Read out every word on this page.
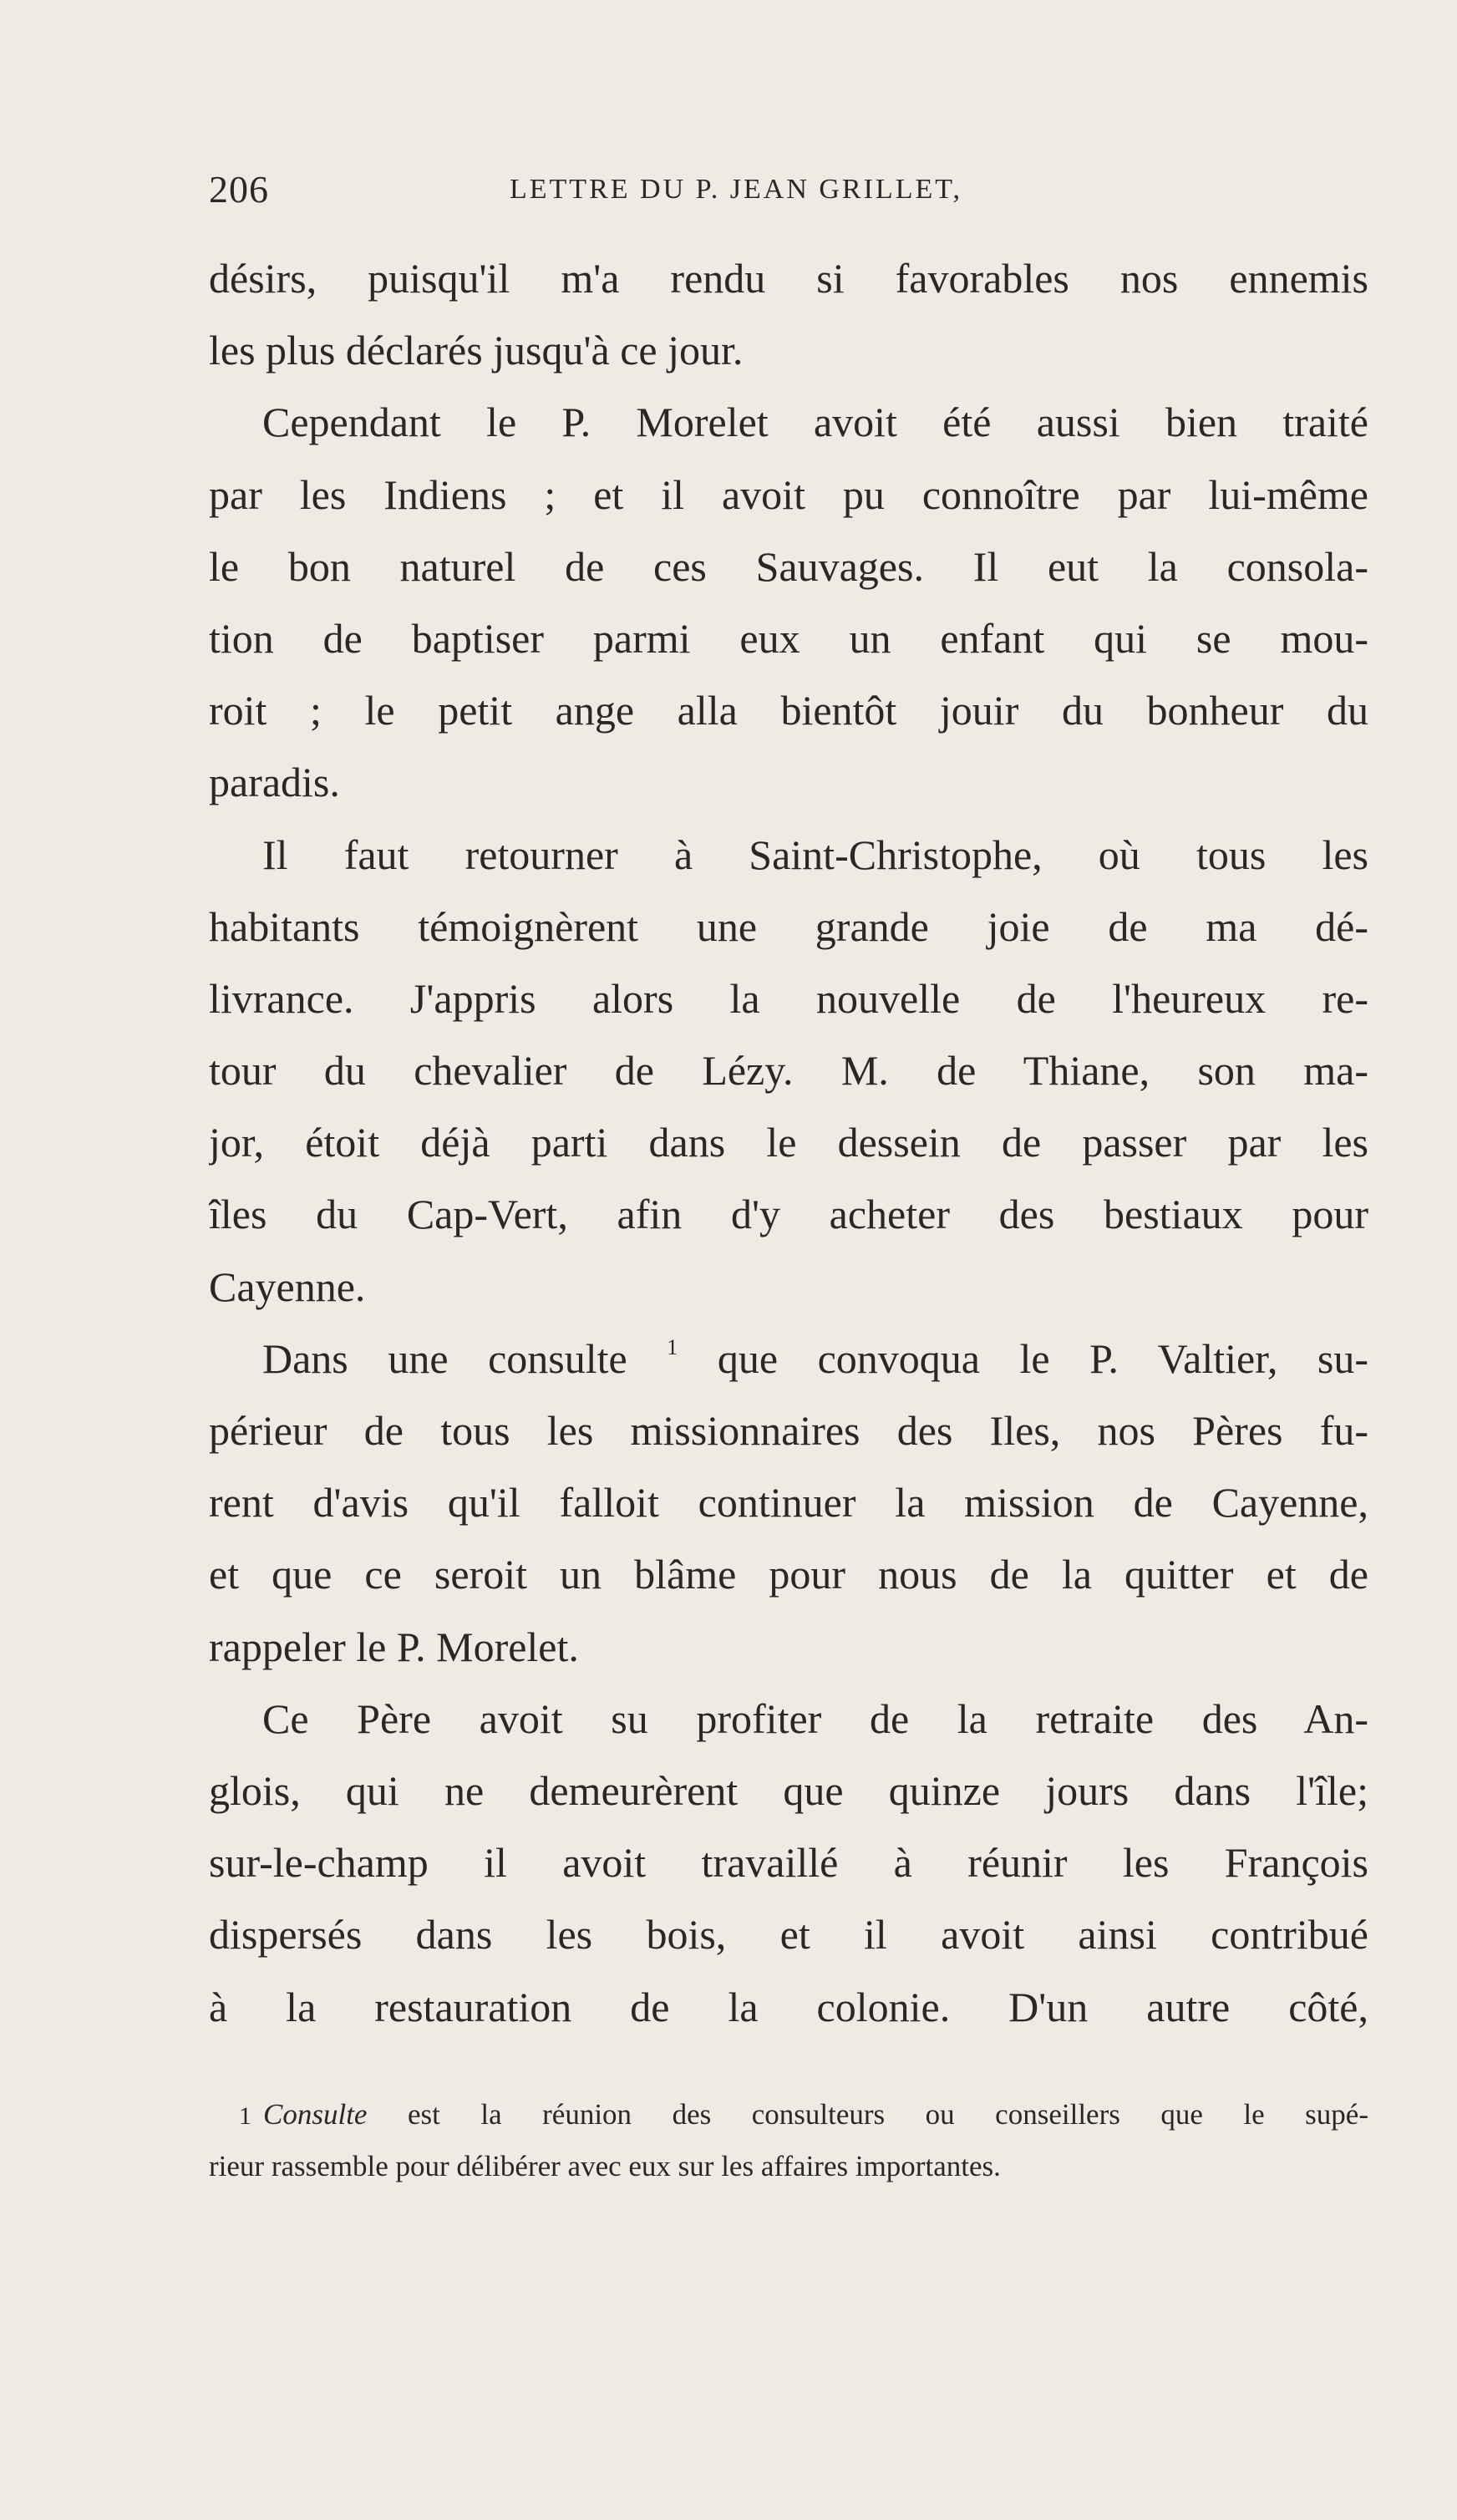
206	LETTRE DU P. JEAN GRILLET,
désirs, puisqu'il m'a rendu si favorables nos ennemis
les plus déclarés jusqu'à ce jour.
Cependant le P. Morelet avoit été aussi bien traité
par les Indiens ; et il avoit pu connoître par lui-même
le bon naturel de ces Sauvages. Il eut la consola-
tion de baptiser parmi eux un enfant qui se mou-
roit ; le petit ange alla bientôt jouir du bonheur du
paradis.
Il faut retourner à Saint-Christophe, où tous les
habitants témoignèrent une grande joie de ma dé-
livrance. J'appris alors la nouvelle de l'heureux re-
tour du chevalier de Lézy. M. de Thiane, son ma-
jor, étoit déjà parti dans le dessein de passer par les
îles du Cap-Vert, afin d'y acheter des bestiaux pour
Cayenne.
Dans une consulte $^1$ que convoqua le P. Valtier, su-
périeur de tous les missionnaires des Iles, nos Pères fu-
rent d'avis qu'il falloit continuer la mission de Cayenne,
et que ce seroit un blâme pour nous de la quitter et de
rappeler le P. Morelet.
Ce Père avoit su profiter de la retraite des An-
glois, qui ne demeurèrent que quinze jours dans l'île;
sur-le-champ il avoit travaillé à réunir les François
dispersés dans les bois, et il avoit ainsi contribué
à la restauration de la colonie. D'un autre côté,
1 Consulte est la réunion des consulteurs ou conseillers que le supé-
rieur rassemble pour délibérer avec eux sur les affaires importantes.
